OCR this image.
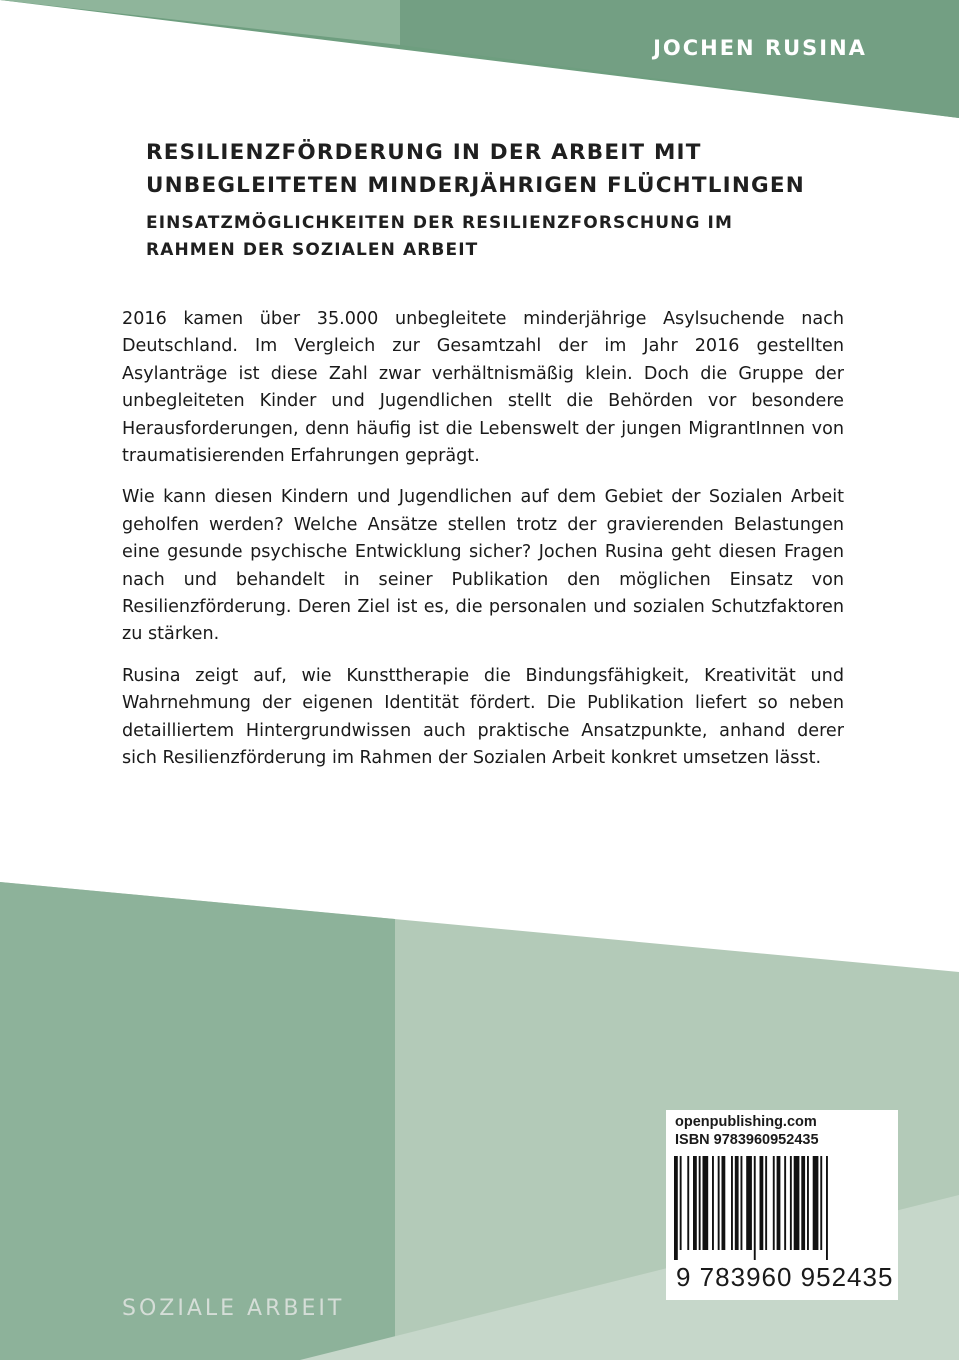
JOCHEN RUSINA
RESILIENZFÖRDERUNG IN DER ARBEIT MIT
UNBEGLEITETEN MINDERJÄHRIGEN FLÜCHTLINGEN
EINSATZMÖGLICHKEITEN DER RESILIENZFORSCHUNG IM
RAHMEN DER SOZIALEN ARBEIT

2016 kamen über 35.000 unbegleitete minderjährige Asylsuchende nach Deutschland. Im Vergleich zur Gesamtzahl der im Jahr 2016 gestellten Asylanträge ist diese Zahl zwar verhältnismäßig klein. Doch die Gruppe der unbegleiteten Kinder und Jugendlichen stellt die Behörden vor besondere Herausforderungen, denn häufig ist die Lebenswelt der jungen MigrantInnen von traumatisierenden Erfahrungen geprägt.

Wie kann diesen Kindern und Jugendlichen auf dem Gebiet der Sozialen Arbeit geholfen werden? Welche Ansätze stellen trotz der gravierenden Belastungen eine gesunde psychische Entwicklung sicher? Jochen Rusina geht diesen Fragen nach und behandelt in seiner Publikation den möglichen Einsatz von Resilienzförderung. Deren Ziel ist es, die personalen und sozialen Schutzfaktoren zu stärken.

Rusina zeigt auf, wie Kunsttherapie die Bindungsfähigkeit, Kreativität und Wahrnehmung der eigenen Identität fördert. Die Publikation liefert so neben detailliertem Hintergrundwissen auch praktische Ansatzpunkte, anhand derer sich Resilienzförderung im Rahmen der Sozialen Arbeit konkret umsetzen lässt.

SOZIALE ARBEIT
openpublishing.com
ISBN 9783960952435
9 783960 952435
